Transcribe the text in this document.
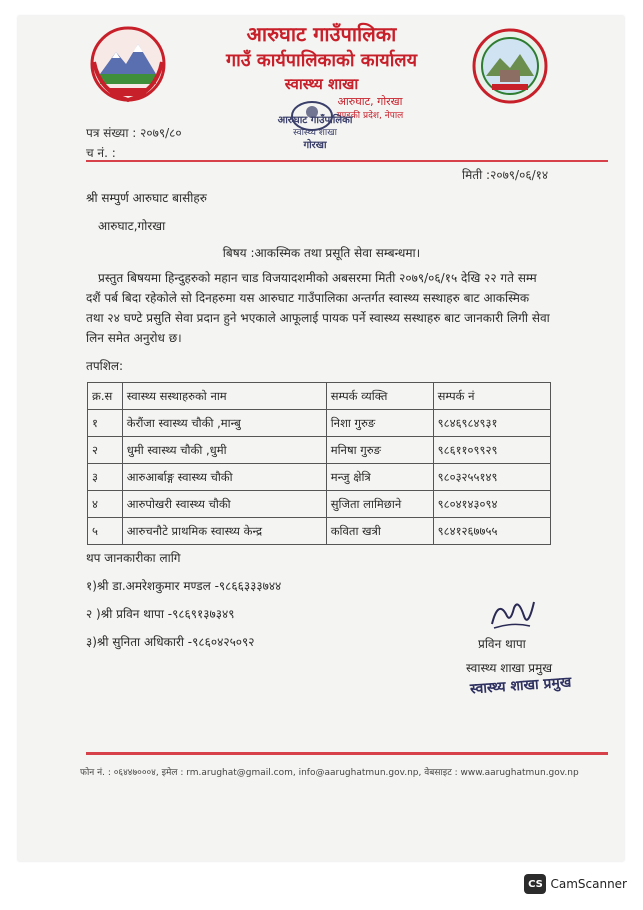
आरुघाट गाउँपालिका
गाउँ कार्यपालिकाको कार्यालय
स्वास्थ्य शाखा
आरुघाट, गोरखा
गण्डकी प्रदेश, नेपाल
आरुघाट गाउँपालिका
स्वास्थ्य शाखा
गोरखा
पत्र संख्या : २०७९/८०
च नं. :
मिती :२०७९/०६/१४
श्री सम्पुर्ण आरुघाट बासीहरु
आरुघाट,गोरखा
बिषय :आकस्मिक तथा प्रसूति सेवा सम्बन्धमा।
प्रस्तुत बिषयमा हिन्दुहरुको महान चाड विजयादशमीको अबसरमा मिती २०७९/०६/१५ देखि २२ गते सम्म
दशैं पर्ब बिदा रहेकोले सो दिनहरुमा यस आरुघाट गाउँपालिका अन्तर्गत स्वास्थ्य सस्थाहरु बाट आकस्मिक
तथा २४ घण्टे प्रसुति सेवा प्रदान हुने भएकाले आफूलाई पायक पर्ने स्वास्थ्य सस्थाहरु बाट जानकारी लिगी सेवा
लिन समेत अनुरोध छ।
तपशिल:
क्र.स	स्वास्थ्य सस्थाहरुको नाम	सम्पर्क व्यक्ति	सम्पर्क नं
१	केरौंजा स्वास्थ्य चौकी ,मान्बु	निशा गुरुङ	९८४६९८४९३१
२	धुमी स्वास्थ्य चौकी ,धुमी	मनिषा गुरुङ	९८६११०९९२९
३	आरुआर्बाङ्ग स्वास्थ्य चौकी	मन्जु क्षेत्रि	९८०३२५५१४९
४	आरुपोखरी स्वास्थ्य चौकी	सुजिता लामिछाने	९८०४१४३०९४
५	आरुचनौटे प्राथमिक स्वास्थ्य केन्द्र	कविता खत्री	९८४१२६७७५५
थप जानकारीका लागि
१)श्री डा.अमरेशकुमार मण्डल -९८६६३३३७४४
२ )श्री प्रविन थापा -९८६९१३७३४९
३)श्री सुनिता अधिकारी -९८६०४२५०९२	प्रविन थापा
स्वास्थ्य शाखा प्रमुख
स्वास्थ्य शाखा प्रमुख
फोन नं. : ०६४४७०००४, इमेल : rm.arughat@gmail.com, info@aarughatmun.gov.np, वेबसाइट : www.aarughatmun.gov.np
CS CamScanner
